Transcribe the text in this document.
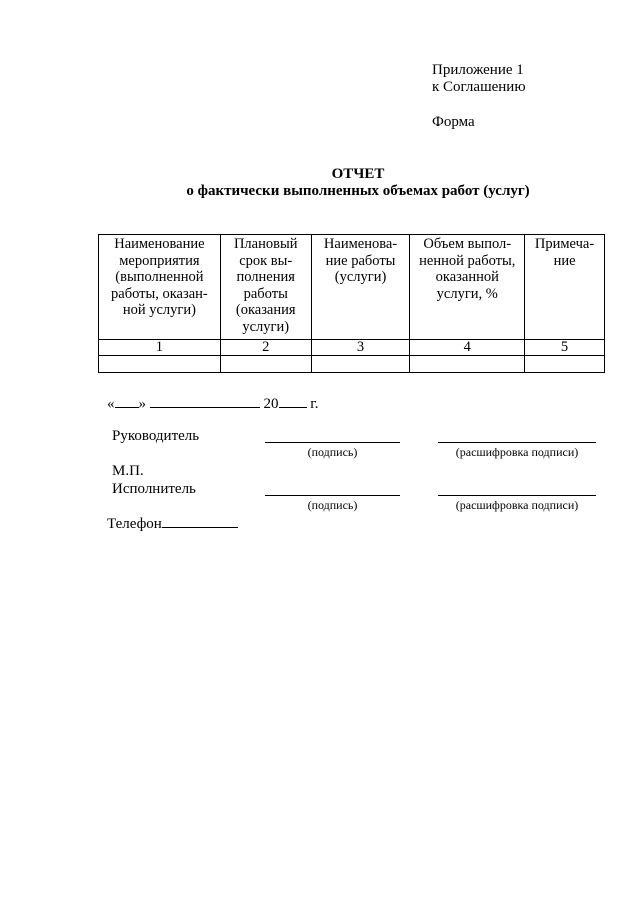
Приложение 1
к Соглашению
Форма
ОТЧЕТ
о фактически выполненных объемах работ (услуг)
Наименование мероприятия (выполненной работы, оказан-ной услуги)	Плановый срок вы-полнения работы (оказания услуги)	Наименова-ние работы (услуги)	Объем выпол-ненной работы, оказанной услуги, %	Примеча-ние
1	2	3	4	5

« »	20 г.
Руководитель
(подпись)	(расшифровка подписи)
М.П.
Исполнитель
(подпись)	(расшифровка подписи)
Телефон
